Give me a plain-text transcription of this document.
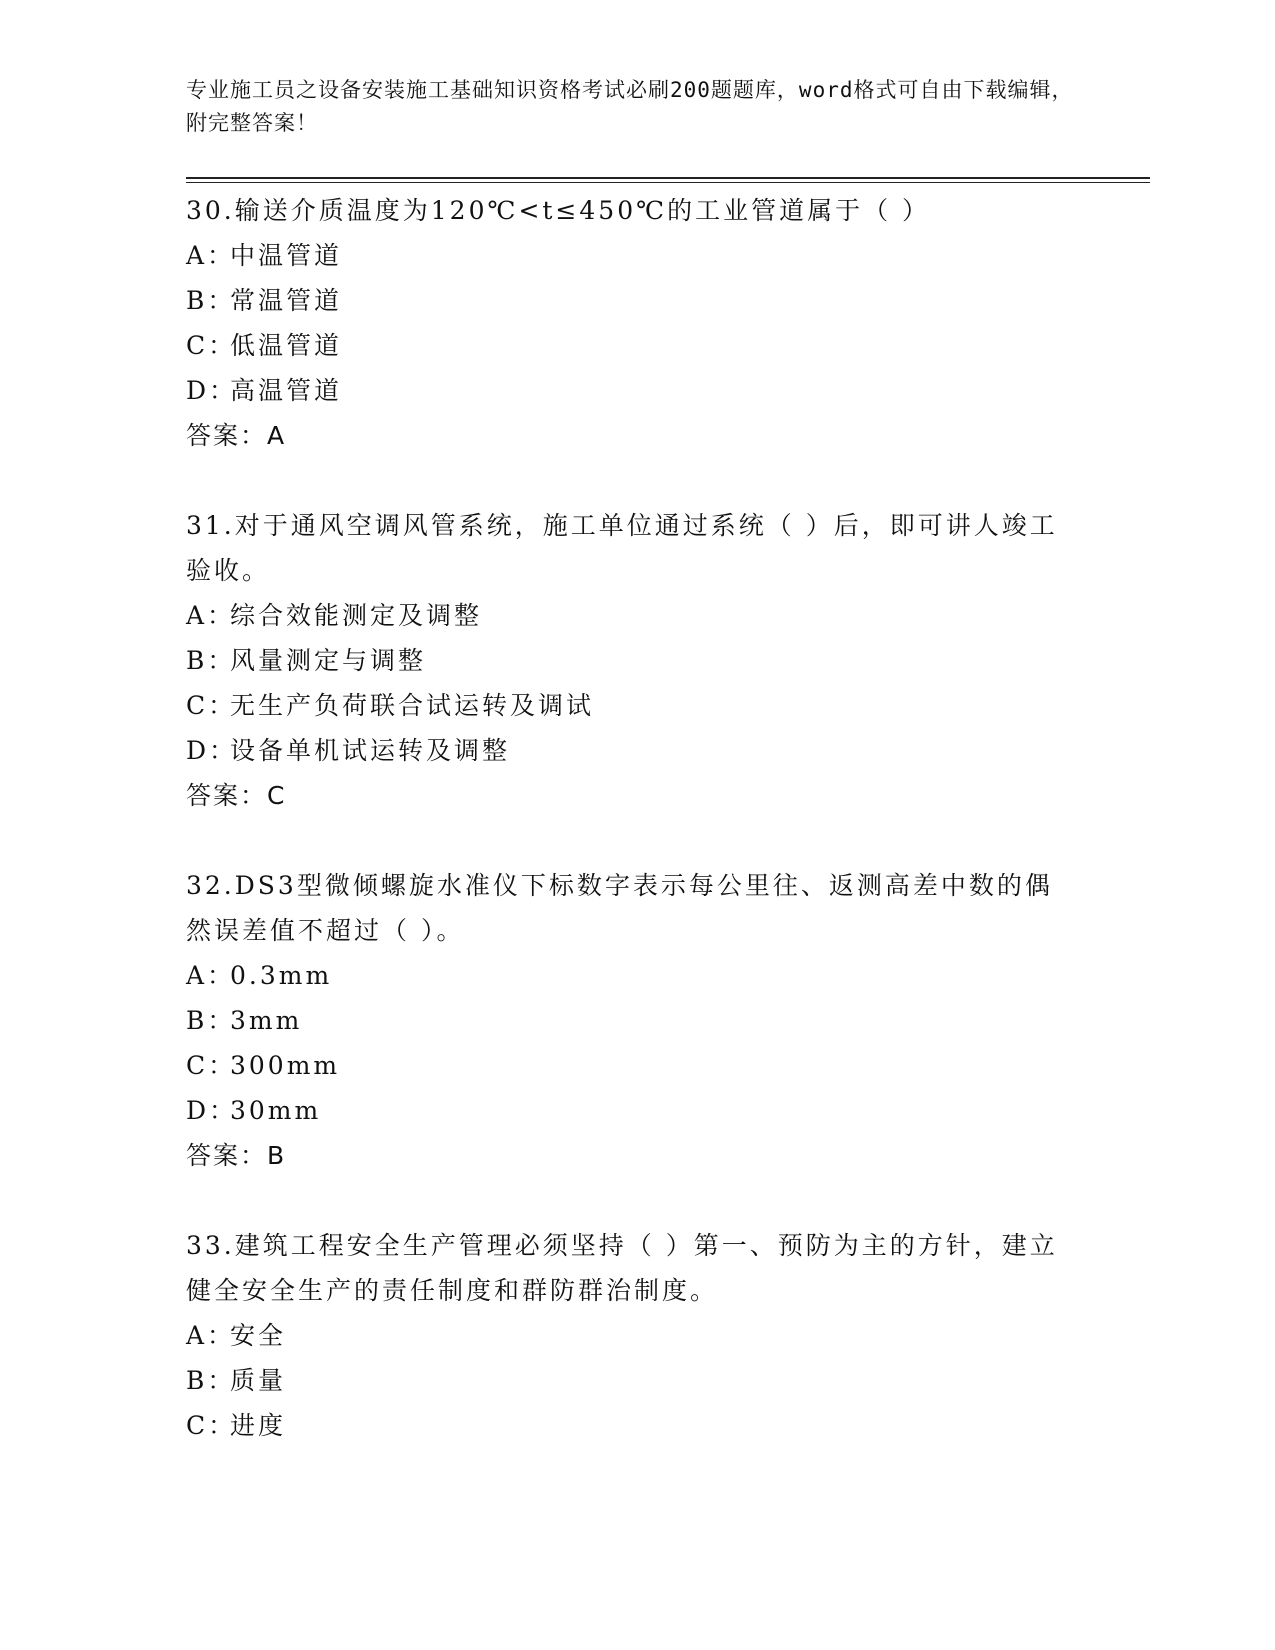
专业施工员之设备安装施工基础知识资格考试必刷200题题库，word格式可自由下载编辑，附完整答案！
30.输送介质温度为120℃<t≤450℃的工业管道属于（ ）
A：
中温管道
B：
常温管道
C：
低温管道
D：
高温管道
答案：A
31.对于通风空调风管系统，施工单位通过系统（ ）后，即可讲人竣工验收。
A：
综合效能测定及调整
B：
风量测定与调整
C：
无生产负荷联合试运转及调试
D：
设备单机试运转及调整
答案：C
32.DS3型微倾螺旋水准仪下标数字表示每公里往、返测高差中数的偶然误差值不超过（ ）。
A：
0.3mm
B：
3mm
C：
300mm
D：
30mm
答案：B
33.建筑工程安全生产管理必须坚持（ ）第一、预防为主的方针，建立健全安全生产的责任制度和群防群治制度。
A：
安全
B：
质量
C：
进度
